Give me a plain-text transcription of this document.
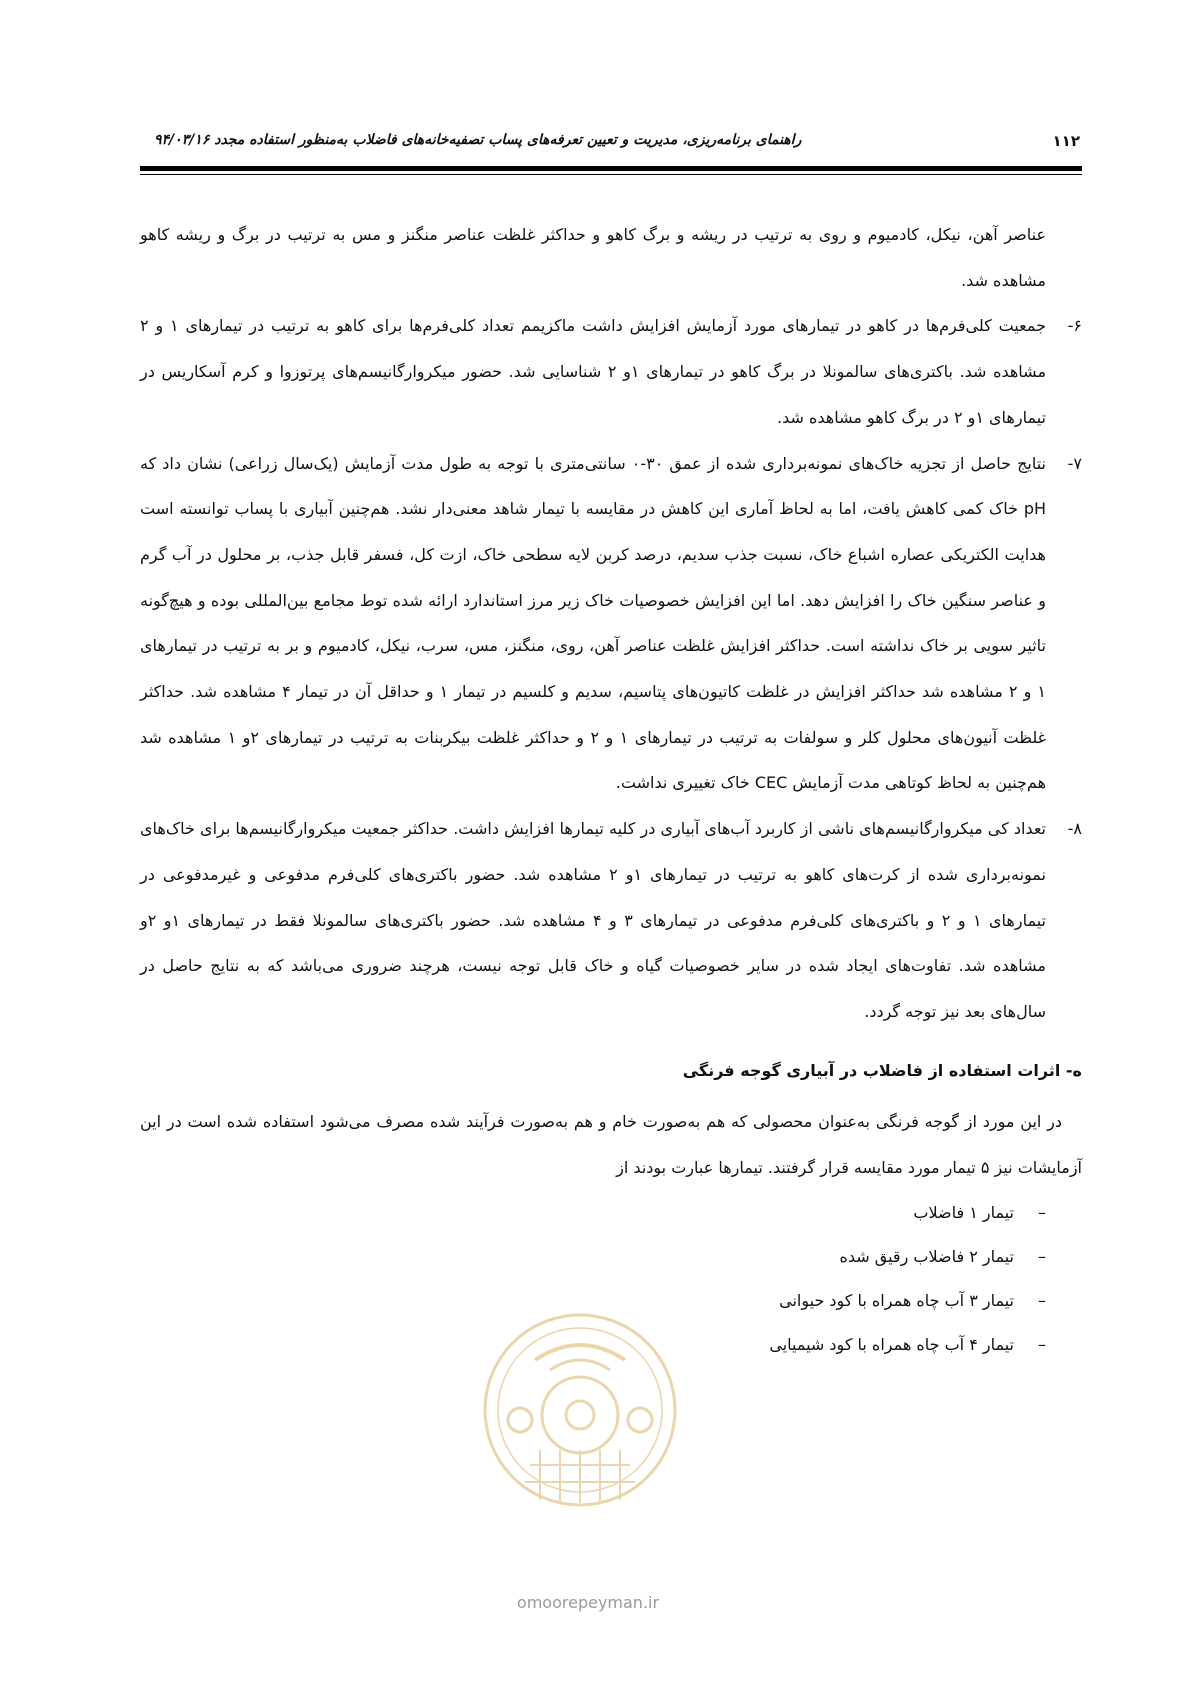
۱۱۲
راهنمای برنامه‌ریزی، مدیریت و تعیین تعرفه‌های پساب تصفیه‌خانه‌های فاضلاب به‌منظور استفاده مجدد ۹۴/۰۳/۱۶
عناصر آهن، نیکل، کادمیوم و روی به ترتیب در ریشه و برگ کاهو و حداکثر غلظت عناصر منگنز و مس به ترتیب در برگ و ریشه کاهو مشاهده شد.
۶-
جمعیت کلی‌فرم‌ها در کاهو در تیمارهای مورد آزمایش افزایش داشت ماکزیمم تعداد کلی‌فرم‌ها برای کاهو به ترتیب در تیمارهای ۱ و ۲ مشاهده شد. باکتری‌های سالمونلا در برگ کاهو در تیمارهای ۱و ۲ شناسایی شد. حضور میکروارگانیسم‌های پرتوزوا و کرم آسکاریس در تیمارهای ۱و ۲ در برگ کاهو مشاهده شد.
۷-
نتایج حاصل از تجزیه خاک‌های نمونه‌برداری شده از عمق ۳۰-۰ سانتی‌متری با توجه به طول مدت آزمایش (یک‌سال زراعی) نشان داد که pH خاک کمی کاهش یافت، اما به لحاظ آماری این کاهش در مقایسه با تیمار شاهد معنی‌دار نشد. هم‌چنین آبیاری با پساب توانسته است هدایت الکتریکی عصاره اشباع خاک، نسبت جذب سدیم، درصد کربن لایه سطحی خاک، ازت کل، فسفر قابل جذب، بر محلول در آب گرم و عناصر سنگین خاک را افزایش دهد. اما این افزایش خصوصیات خاک زیر مرز استاندارد ارائه شده توط مجامع بین‌المللی بوده و هیچ‌گونه تاثیر سویی بر خاک نداشته است. حداکثر افزایش غلظت عناصر آهن، روی، منگنز، مس، سرب، نیکل، کادمیوم و بر به ترتیب در تیمارهای ۱ و ۲ مشاهده شد حداکثر افزایش در غلظت کاتیون‌های پتاسیم، سدیم و کلسیم در تیمار ۱ و حداقل آن در تیمار ۴ مشاهده شد. حداکثر غلظت آنیون‌های محلول کلر و سولفات به ترتیب در تیمارهای ۱ و ۲ و حداکثر غلظت بیکربنات به ترتیب در تیمارهای ۲و ۱ مشاهده شد هم‌چنین به لحاظ کوتاهی مدت آزمایش CEC خاک تغییری نداشت.
۸-
تعداد کی میکروارگانیسم‌های ناشی از کاربرد آب‌های آبیاری در کلیه تیمارها افزایش داشت. حداکثر جمعیت میکروارگانیسم‌ها برای خاک‌های نمونه‌برداری شده از کرت‌های کاهو به ترتیب در تیمارهای ۱و ۲ مشاهده شد. حضور باکتری‌های کلی‌فرم مدفوعی و غیرمدفوعی در تیمارهای ۱ و ۲ و باکتری‌های کلی‌فرم مدفوعی در تیمارهای ۳ و ۴ مشاهده شد. حضور باکتری‌های سالمونلا فقط در تیمارهای ۱و ۲و مشاهده شد. تفاوت‌های ایجاد شده در سایر خصوصیات گیاه و خاک قابل توجه نیست، هرچند ضروری می‌باشد که به نتایج حاصل در سال‌های بعد نیز توجه گردد.
ه- اثرات استفاده از فاضلاب در آبیاری گوجه فرنگی
در این مورد از گوجه فرنگی به‌عنوان محصولی که هم به‌صورت خام و هم به‌صورت فرآیند شده مصرف می‌شود استفاده شده است در این آزمایشات نیز ۵ تیمار مورد مقایسه قرار گرفتند. تیمارها عبارت بودند از
–
تیمار ۱ فاضلاب
–
تیمار ۲ فاضلاب رقیق شده
–
تیمار ۳ آب چاه همراه با کود حیوانی
–
تیمار ۴ آب چاه همراه با کود شیمیایی
omoorepeyman.ir
